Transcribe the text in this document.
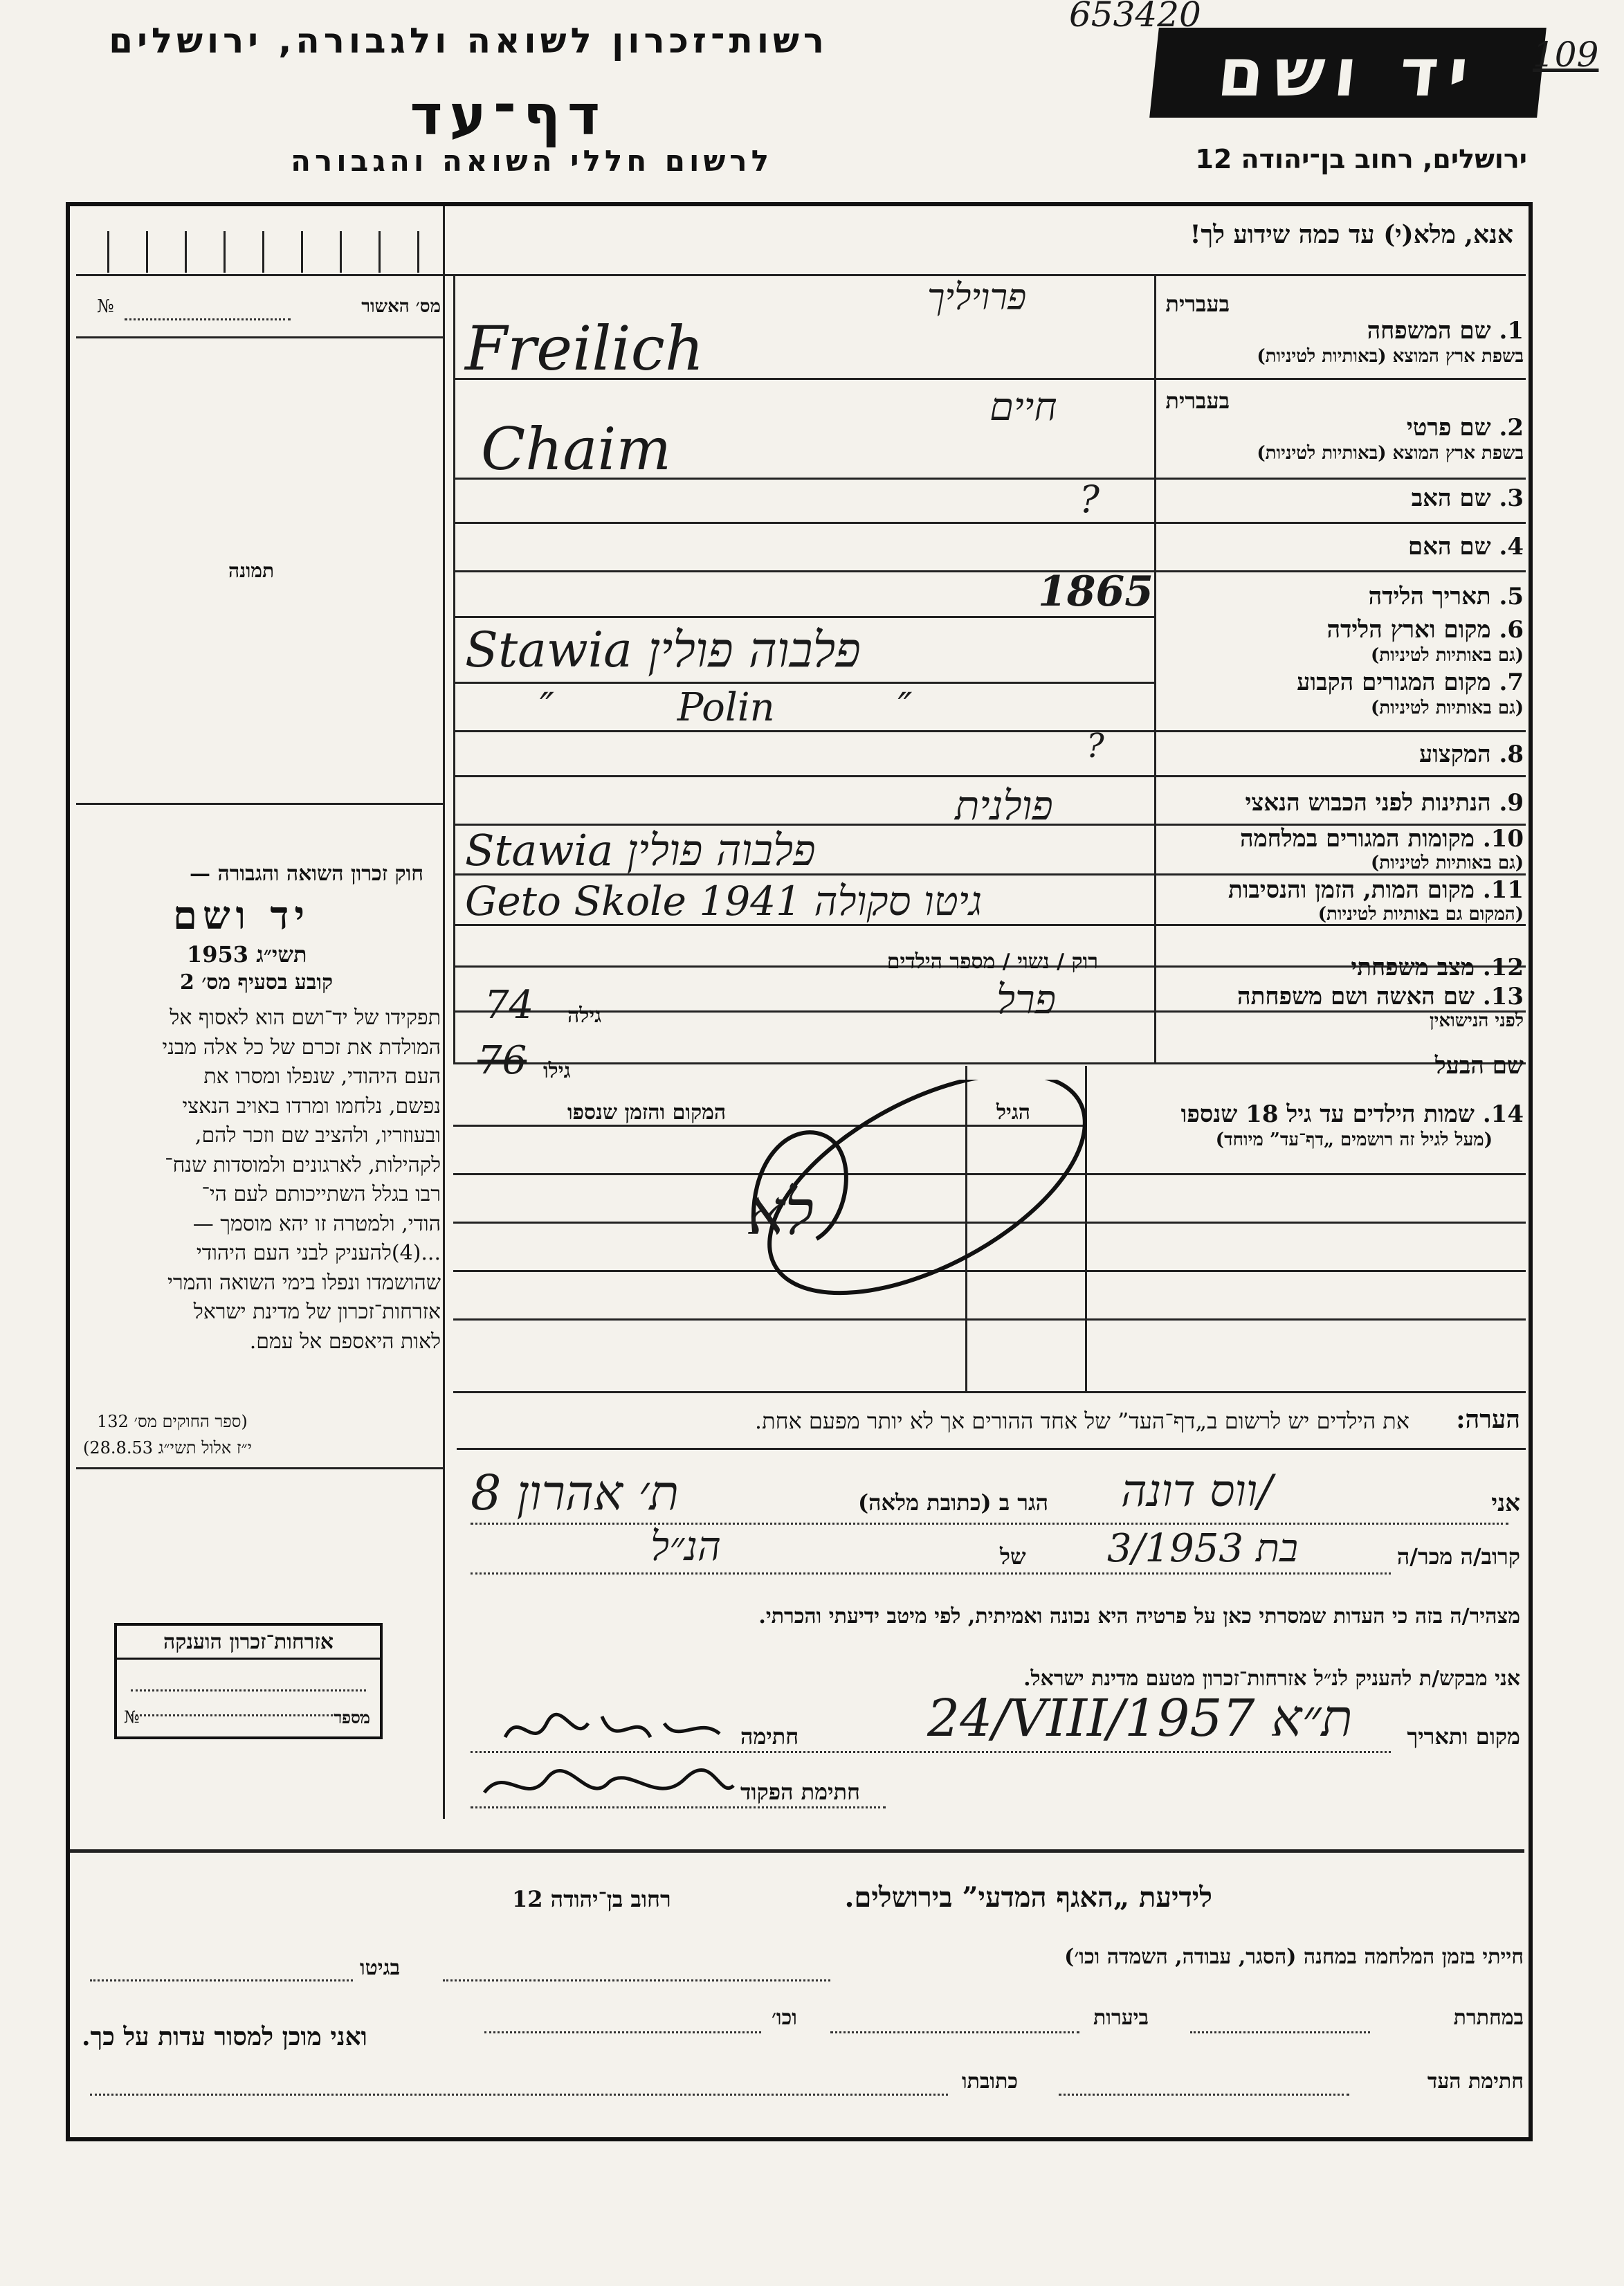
רשות־זכרון לשואה ולגבורה, ירושלים
דף־עד
לרשום חללי השואה והגבורה
יד ושם
653420
109
ירושלים, רחוב בן־יהודה 12
אנא, מלא(י) עד כמה שידוע לך!
בעברית
1. שם המשפחה
בשפת ארץ המוצא (באותיות לטיניות)
בעברית
2. שם פרטי
בשפת ארץ המוצא (באותיות לטיניות)
3. שם האב
4. שם האם
5. תאריך הלידה
6. מקום וארץ הלידה
(גם באותיות לטיניות)
7. מקום המגורים הקבוע
(גם באותיות לטיניות)
8. המקצוע
9. הנתינות לפני הכבוש הנאצי
10. מקומות המגורים במלחמה
(גם באותיות לטיניות)
11. מקום המות, הזמן והנסיבות
(המקום גם באותיות לטיניות)
12. מצב משפחתי
13. שם האשה ושם משפחתה
לפני הנישואין
שם הבעל
פרויליך
Freilich
חיים
Chaim
?
1865
פלבוה פולין Stawia
″ Polin ″
?
פולנית
פלבוה פולין Stawia
גיטו סקולה 1941 Geto Skole
רוק / נשוי / מספר הילדים
פרל
גילה
74
גילו
76
14. שמות הילדים עד גיל 18 שנספו
(מעל לגיל זה רושמים „דף־עד” מיוחד)
הגיל
המקום והזמן שנספו
לא
הערה:
את הילדים יש לרשום ב„דף־העד” של אחד ההורים אך לא יותר מפעם אחת.
אני
/ווס דונה
הגר ב (כתובת מלאה)
ת׳ אהרון 8
קרוב/ה מכר/ה
בת 3/1953
של
הנ״ל
מצהיר/ה בזה כי העדות שמסרתי כאן על פרטיה היא נכונה ואמיתית, לפי מיטב ידיעתי והכרתי.
אני מבקש/ת להעניק לנ״ל אזרחות־זכרון מטעם מדינת ישראל.
מקום ותאריך
24/VIII/1957 ת״א
חתימה
חתימת הפקוד
מס׳ האשור
№
תמונה
חוק זכרון השואה והגבורה —
יד ושם
תשי״ג 1953
קובע בסעיף מס׳ 2
תפקידו של יד־ושם הוא לאסוף אל
המולדת את זכרם של כל אלה מבני
העם היהודי, שנפלו ומסרו את
נפשם, נלחמו ומרדו באויב הנאצי
ובעוזריו, ולהציב שם וזכר להם,
לקהילות, לארגונים ולמוסדות שנח־
רבו בגלל השתייכותם לעם הי־
הודי, ולמטרה זו יהא מוסמך —
...(4)להעניק לבני העם היהודי
שהושמדו ונפלו בימי השואה והמרי
אזרחות־זכרון של מדינת ישראל
לאות היאספם אל עמם.
(ספר החוקים מס׳ 132
י״ז אלול תשי״ג 28.8.53)
אזרחות־זכרון הוענקה
מספר
№
לידיעת „האגף המדעי” בירושלים.
רחוב בן־יהודה 12
חייתי בזמן המלחמה במחנה (הסגר, עבודה, השמדה וכו׳)
בגיטו
במחתרת
ביערות
וכו׳
ואני מוכן למסור עדות על כך.
חתימת העד
כתובתו
